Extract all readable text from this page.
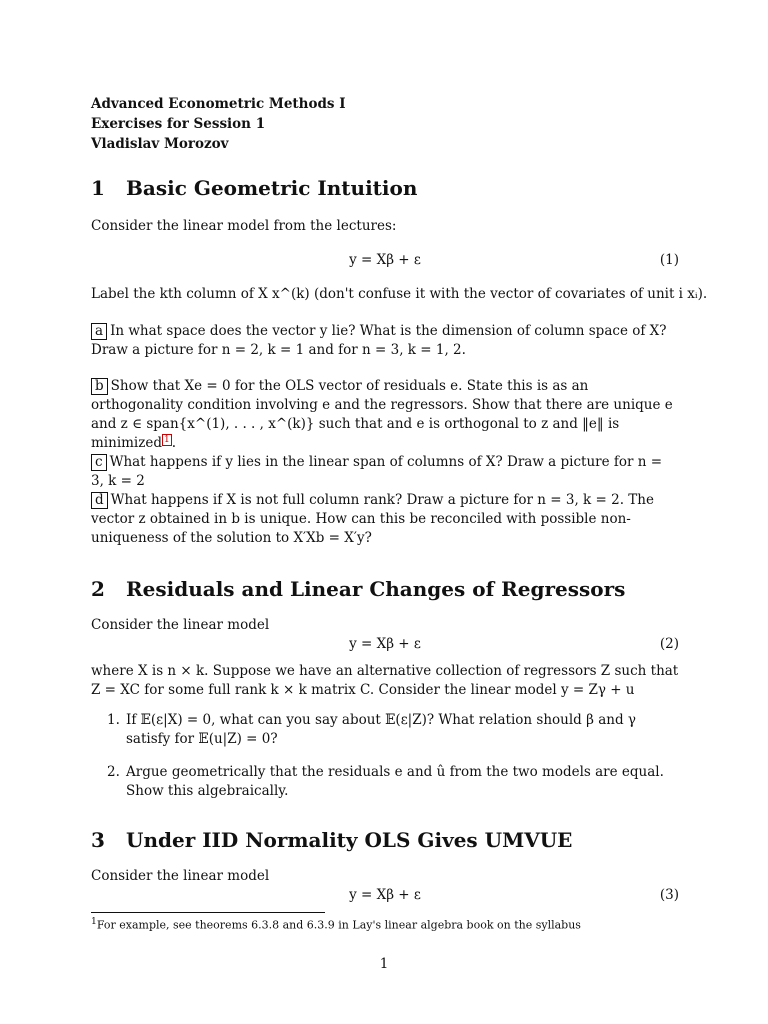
Advanced Econometric Methods I
Exercises for Session 1
Vladislav Morozov
1 Basic Geometric Intuition
Consider the linear model from the lectures:
y = Xβ + ε	(1)
Label the kth column of X x^(k) (don't confuse it with the vector of covariates of unit i xᵢ).
a In what space does the vector y lie? What is the dimension of column space of X? Draw a picture for n = 2, k = 1 and for n = 3, k = 1, 2.
b Show that Xe = 0 for the OLS vector of residuals e. State this is as an orthogonality condition involving e and the regressors. Show that there are unique e and z ∈ span{x^(1), . . . , x^(k)} such that and e is orthogonal to z and ‖e‖ is minimized $^1$ .
c What happens if y lies in the linear span of columns of X? Draw a picture for n = 3, k = 2
d What happens if X is not full column rank? Draw a picture for n = 3, k = 2. The vector z obtained in b is unique. How can this be reconciled with possible non-uniqueness of the solution to X′Xb = X′y?
2 Residuals and Linear Changes of Regressors
Consider the linear model
y = Xβ + ε	(2)
where X is n × k. Suppose we have an alternative collection of regressors Z such that Z = XC for some full rank k × k matrix C. Consider the linear model y = Zγ + u
1. If 𝔼(ε|X) = 0, what can you say about 𝔼(ε|Z)? What relation should β and γ satisfy for 𝔼(u|Z) = 0?
2. Argue geometrically that the residuals e and û from the two models are equal. Show this algebraically.
3 Under IID Normality OLS Gives UMVUE
Consider the linear model
y = Xβ + ε	(3)
$^1$For example, see theorems 6.3.8 and 6.3.9 in Lay's linear algebra book on the syllabus
1
